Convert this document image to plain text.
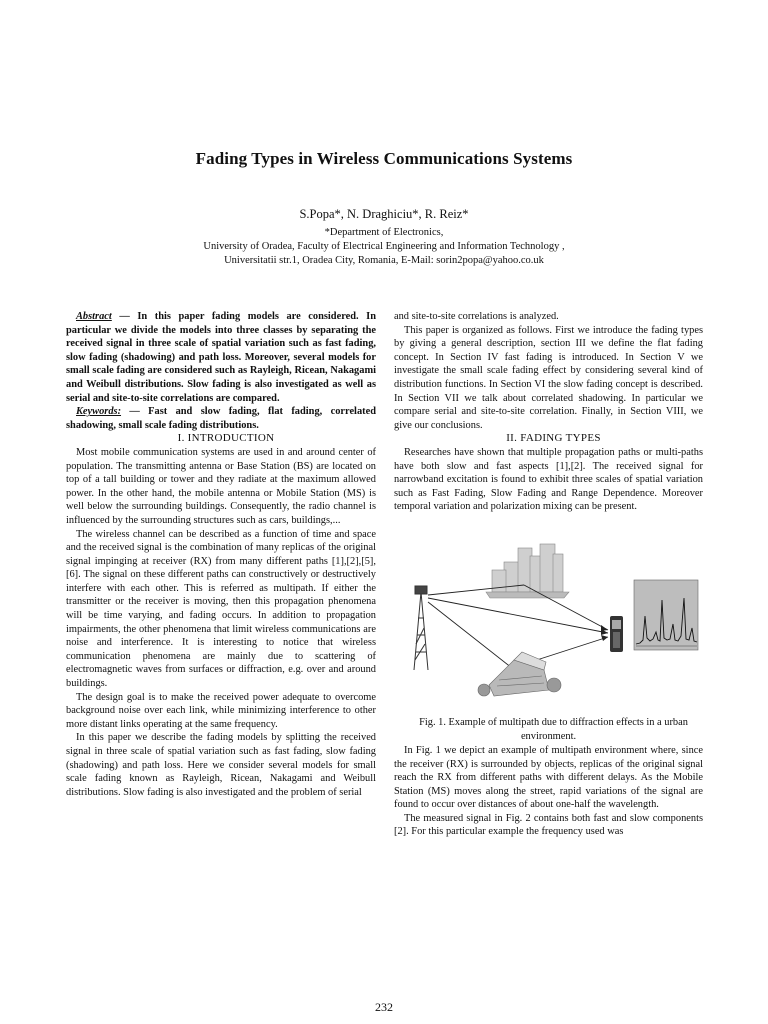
Fading Types in Wireless Communications Systems
S.Popa*, N. Draghiciu*, R. Reiz*
*Department of Electronics,
University of Oradea, Faculty of Electrical Engineering and Information Technology ,
Universitatii str.1, Oradea City, Romania, E-Mail: sorin2popa@yahoo.co.uk

Abstract — In this paper fading models are considered. In particular we divide the models into three classes by separating the received signal in three scale of spatial variation such as fast fading, slow fading (shadowing) and path loss. Moreover, several models for small scale fading are considered such as Rayleigh, Ricean, Nakagami and Weibull distributions. Slow fading is also investigated as well as serial and site-to-site correlations are compared.

Keywords: — Fast and slow fading, flat fading, correlated shadowing, small scale fading distributions.

I. INTRODUCTION

Most mobile communication systems are used in and around center of population. The transmitting antenna or Base Station (BS) are located on top of a tall building or tower and they radiate at the maximum allowed power. In the other hand, the mobile antenna or Mobile Station (MS) is well below the surrounding buildings. Consequently, the radio channel is influenced by the surrounding structures such as cars, buildings,...

The wireless channel can be described as a function of time and space and the received signal is the combination of many replicas of the original signal impinging at receiver (RX) from many different paths [1],[2],[5],[6]. The signal on these different paths can constructively or destructively interfere with each other. This is referred as multipath. If either the transmitter or the receiver is moving, then this propagation phenomena will be time varying, and fading occurs. In addition to propagation impairments, the other phenomena that limit wireless communications are noise and interference. It is interesting to notice that wireless communication phenomena are mainly due to scattering of electromagnetic waves from surfaces or diffraction, e.g. over and around buildings.

The design goal is to make the received power adequate to overcome background noise over each link, while minimizing interference to other more distant links operating at the same frequency.

In this paper we describe the fading models by splitting the received signal in three scale of spatial variation such as fast fading, slow fading (shadowing) and path loss. Here we consider several models for small scale fading known as Rayleigh, Ricean, Nakagami and Weibull distributions. Slow fading is also investigated and the problem of serial

and site-to-site correlations is analyzed.

This paper is organized as follows. First we introduce the fading types by giving a general description, section III we define the flat fading concept. In Section IV fast fading is introduced. In Section V we investigate the small scale fading effect by considering several kind of distribution functions. In Section VI the slow fading concept is described. In Section VII we talk about correlated shadowing. In particular we compare serial and site-to-site correlation. Finally, in Section VIII, we give our conclusions.

II. FADING TYPES

Researches have shown that multiple propagation paths or multi-paths have both slow and fast aspects [1],[2]. The received signal for narrowband excitation is found to exhibit three scales of spatial variation such as Fast Fading, Slow Fading and Range Dependence. Moreover temporal variation and polarization mixing can be present.

Fig. 1. Example of multipath due to diffraction effects in a urban environment.

In Fig. 1 we depict an example of multipath environment where, since the receiver (RX) is surrounded by objects, replicas of the original signal reach the RX from different paths with different delays. As the Mobile Station (MS) moves along the street, rapid variations of the signal are found to occur over distances of about one-half the wavelength.

The measured signal in Fig. 2 contains both fast and slow components [2]. For this particular example the frequency used was

232
